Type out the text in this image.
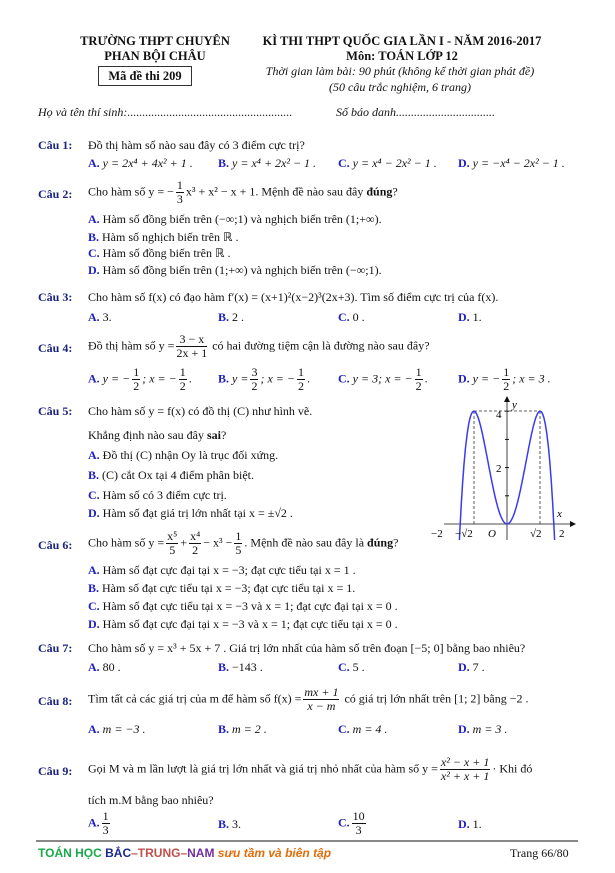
TRƯỜNG THPT CHUYÊN
PHAN BỘI CHÂU
Mã đề thi 209
KÌ THI THPT QUỐC GIA LẦN I - NĂM 2016-2017
Môn: TOÁN LỚP 12
Thời gian làm bài: 90 phút (không kể thời gian phát đề)
(50 câu trắc nghiệm, 6 trang)
Họ và tên thí sinh:.......................................................	Số báo danh.................................
Câu 1: Đồ thị hàm số nào sau đây có 3 điểm cực trị?
A. y = 2x⁴ + 4x² + 1 . B. y = x⁴ + 2x² − 1 . C. y = x⁴ − 2x² − 1 . D. y = −x⁴ − 2x² − 1 .
Câu 2: Cho hàm số y = − $\frac{1}{3} x^3 + x^2 - x + 1$. Mệnh đề nào sau đây đúng?
A. Hàm số đồng biến trên (−∞;1) và nghịch biến trên (1;+∞).
B. Hàm số nghịch biến trên ℝ .
C. Hàm số đồng biến trên ℝ .
D. Hàm số đồng biến trên (1;+∞) và nghịch biến trên (−∞;1).
Câu 3: Cho hàm số f(x) có đạo hàm f′(x) = (x+1)²(x−2)³(2x+3). Tìm số điểm cực trị của f(x).
A. 3.	B. 2 .	C. 0 .	D. 1.
Câu 4: Đồ thị hàm số $y = \frac{3 - x}{2x + 1}$ có hai đường tiệm cận là đường nào sau đây?
A. y = − $\frac{1}{2}$ ; x = − $\frac{1}{2}$ . B. $y = \frac{3}{2}$ ; x = − $\frac{1}{2}$ . C. y = 3; x = − $\frac{1}{2}$ .	D. y = − $\frac{1}{2}$ ; x = 3 .
Câu 5: Cho hàm số y = f(x) có đồ thị (C) như hình vẽ.
Khẳng định nào sau đây sai?
A. Đồ thị (C) nhận Oy là trục đối xứng.
B. (C) cắt Ox tại 4 điểm phân biệt.
C. Hàm số có 3 điểm cực trị.
D. Hàm số đạt giá trị lớn nhất tại x = ±√2 .
y
x
4
2
O
−2 −√2	√2 2
Câu 6: Cho hàm số $y = \frac{\text{x⁵}}{5} + \frac{\text{x⁴}}{2} - x^3 - \frac{1}{5}$ . Mệnh đề nào sau đây là đúng?
A. Hàm số đạt cực đại tại x = −3; đạt cực tiểu tại x = 1 .
B. Hàm số đạt cực tiểu tại x = −3; đạt cực tiểu tại x = 1.
C. Hàm số đạt cực tiểu tại x = −3 và x = 1; đạt cực đại tại x = 0 .
D. Hàm số đạt cực đại tại x = −3 và x = 1; đạt cực tiểu tại x = 0 .
Câu 7: Cho hàm số y = x³ + 5x + 7 . Giá trị lớn nhất của hàm số trên đoạn [−5; 0] bằng bao nhiêu?
A. 80 .	B. −143 .	C. 5 .	D. 7 .
Câu 8: Tìm tất cả các giá trị của m để hàm số $f(x) = \frac{mx + 1}{x - m}$ có giá trị lớn nhất trên [1; 2] bằng −2 .
A. m = −3 .	B. m = 2 .	C. m = 4 .	D. m = 3 .
Câu 9: Gọi M và m lần lượt là giá trị lớn nhất và giá trị nhỏ nhất của hàm số $y = \frac{\text{x² − x + 1}}{\text{x² + x + 1}}$ · Khi đó
tích m.M bằng bao nhiêu?
A. $\frac{1}{3}$	B. 3.	C. $\frac{10}{3}$	D. 1.
TOÁN HỌC BẮC–TRUNG–NAM sưu tầm và biên tập	Trang 66/80
